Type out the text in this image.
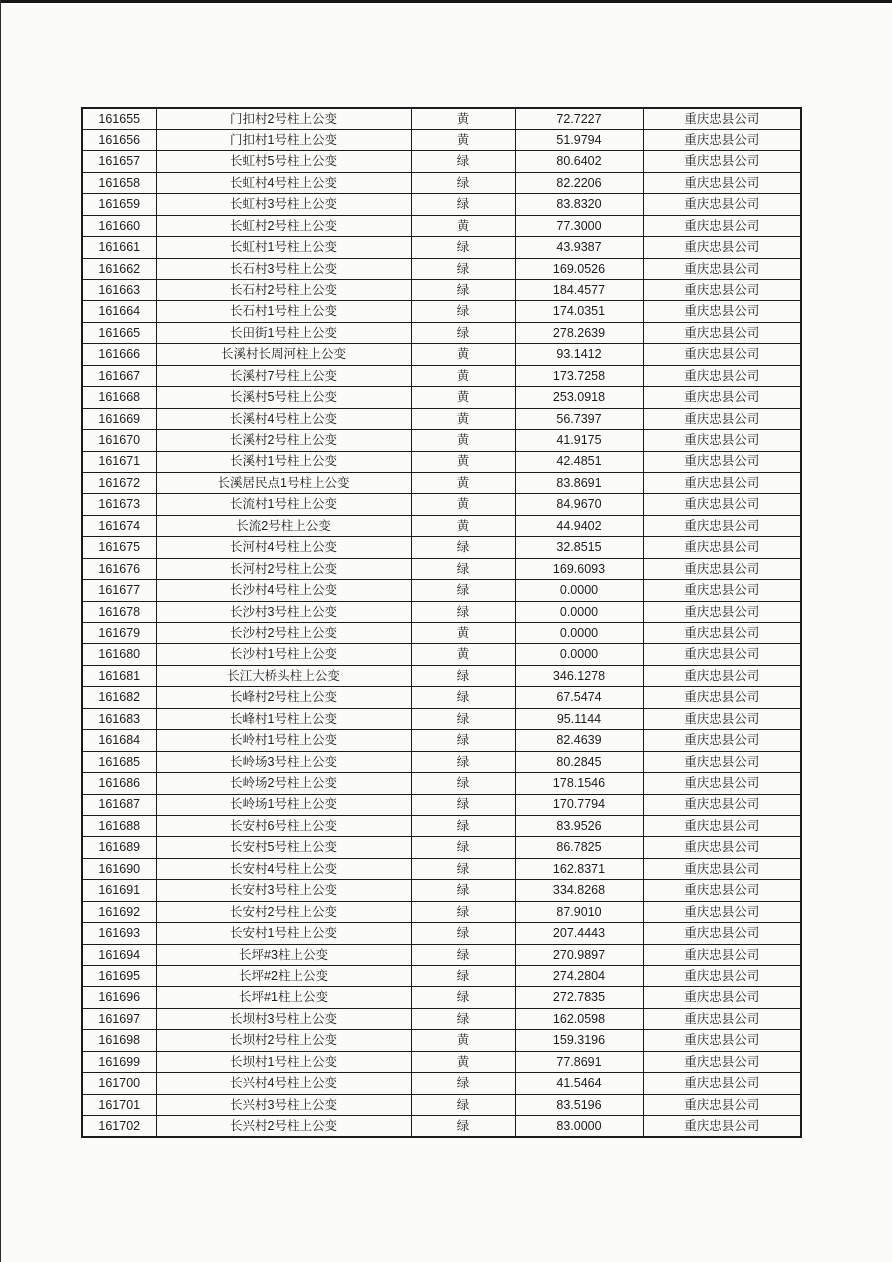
161655	门扣村2号柱上公变	黄	72.7227	重庆忠县公司
161656	门扣村1号柱上公变	黄	51.9794	重庆忠县公司
161657	长虹村5号柱上公变	绿	80.6402	重庆忠县公司
161658	长虹村4号柱上公变	绿	82.2206	重庆忠县公司
161659	长虹村3号柱上公变	绿	83.8320	重庆忠县公司
161660	长虹村2号柱上公变	黄	77.3000	重庆忠县公司
161661	长虹村1号柱上公变	绿	43.9387	重庆忠县公司
161662	长石村3号柱上公变	绿	169.0526	重庆忠县公司
161663	长石村2号柱上公变	绿	184.4577	重庆忠县公司
161664	长石村1号柱上公变	绿	174.0351	重庆忠县公司
161665	长田街1号柱上公变	绿	278.2639	重庆忠县公司
161666	长溪村长周河柱上公变	黄	93.1412	重庆忠县公司
161667	长溪村7号柱上公变	黄	173.7258	重庆忠县公司
161668	长溪村5号柱上公变	黄	253.0918	重庆忠县公司
161669	长溪村4号柱上公变	黄	56.7397	重庆忠县公司
161670	长溪村2号柱上公变	黄	41.9175	重庆忠县公司
161671	长溪村1号柱上公变	黄	42.4851	重庆忠县公司
161672	长溪居民点1号柱上公变	黄	83.8691	重庆忠县公司
161673	长流村1号柱上公变	黄	84.9670	重庆忠县公司
161674	长流2号柱上公变	黄	44.9402	重庆忠县公司
161675	长河村4号柱上公变	绿	32.8515	重庆忠县公司
161676	长河村2号柱上公变	绿	169.6093	重庆忠县公司
161677	长沙村4号柱上公变	绿	0.0000	重庆忠县公司
161678	长沙村3号柱上公变	绿	0.0000	重庆忠县公司
161679	长沙村2号柱上公变	黄	0.0000	重庆忠县公司
161680	长沙村1号柱上公变	黄	0.0000	重庆忠县公司
161681	长江大桥头柱上公变	绿	346.1278	重庆忠县公司
161682	长峰村2号柱上公变	绿	67.5474	重庆忠县公司
161683	长峰村1号柱上公变	绿	95.1144	重庆忠县公司
161684	长岭村1号柱上公变	绿	82.4639	重庆忠县公司
161685	长岭场3号柱上公变	绿	80.2845	重庆忠县公司
161686	长岭场2号柱上公变	绿	178.1546	重庆忠县公司
161687	长岭场1号柱上公变	绿	170.7794	重庆忠县公司
161688	长安村6号柱上公变	绿	83.9526	重庆忠县公司
161689	长安村5号柱上公变	绿	86.7825	重庆忠县公司
161690	长安村4号柱上公变	绿	162.8371	重庆忠县公司
161691	长安村3号柱上公变	绿	334.8268	重庆忠县公司
161692	长安村2号柱上公变	绿	87.9010	重庆忠县公司
161693	长安村1号柱上公变	绿	207.4443	重庆忠县公司
161694	长坪#3柱上公变	绿	270.9897	重庆忠县公司
161695	长坪#2柱上公变	绿	274.2804	重庆忠县公司
161696	长坪#1柱上公变	绿	272.7835	重庆忠县公司
161697	长坝村3号柱上公变	绿	162.0598	重庆忠县公司
161698	长坝村2号柱上公变	黄	159.3196	重庆忠县公司
161699	长坝村1号柱上公变	黄	77.8691	重庆忠县公司
161700	长兴村4号柱上公变	绿	41.5464	重庆忠县公司
161701	长兴村3号柱上公变	绿	83.5196	重庆忠县公司
161702	长兴村2号柱上公变	绿	83.0000	重庆忠县公司
